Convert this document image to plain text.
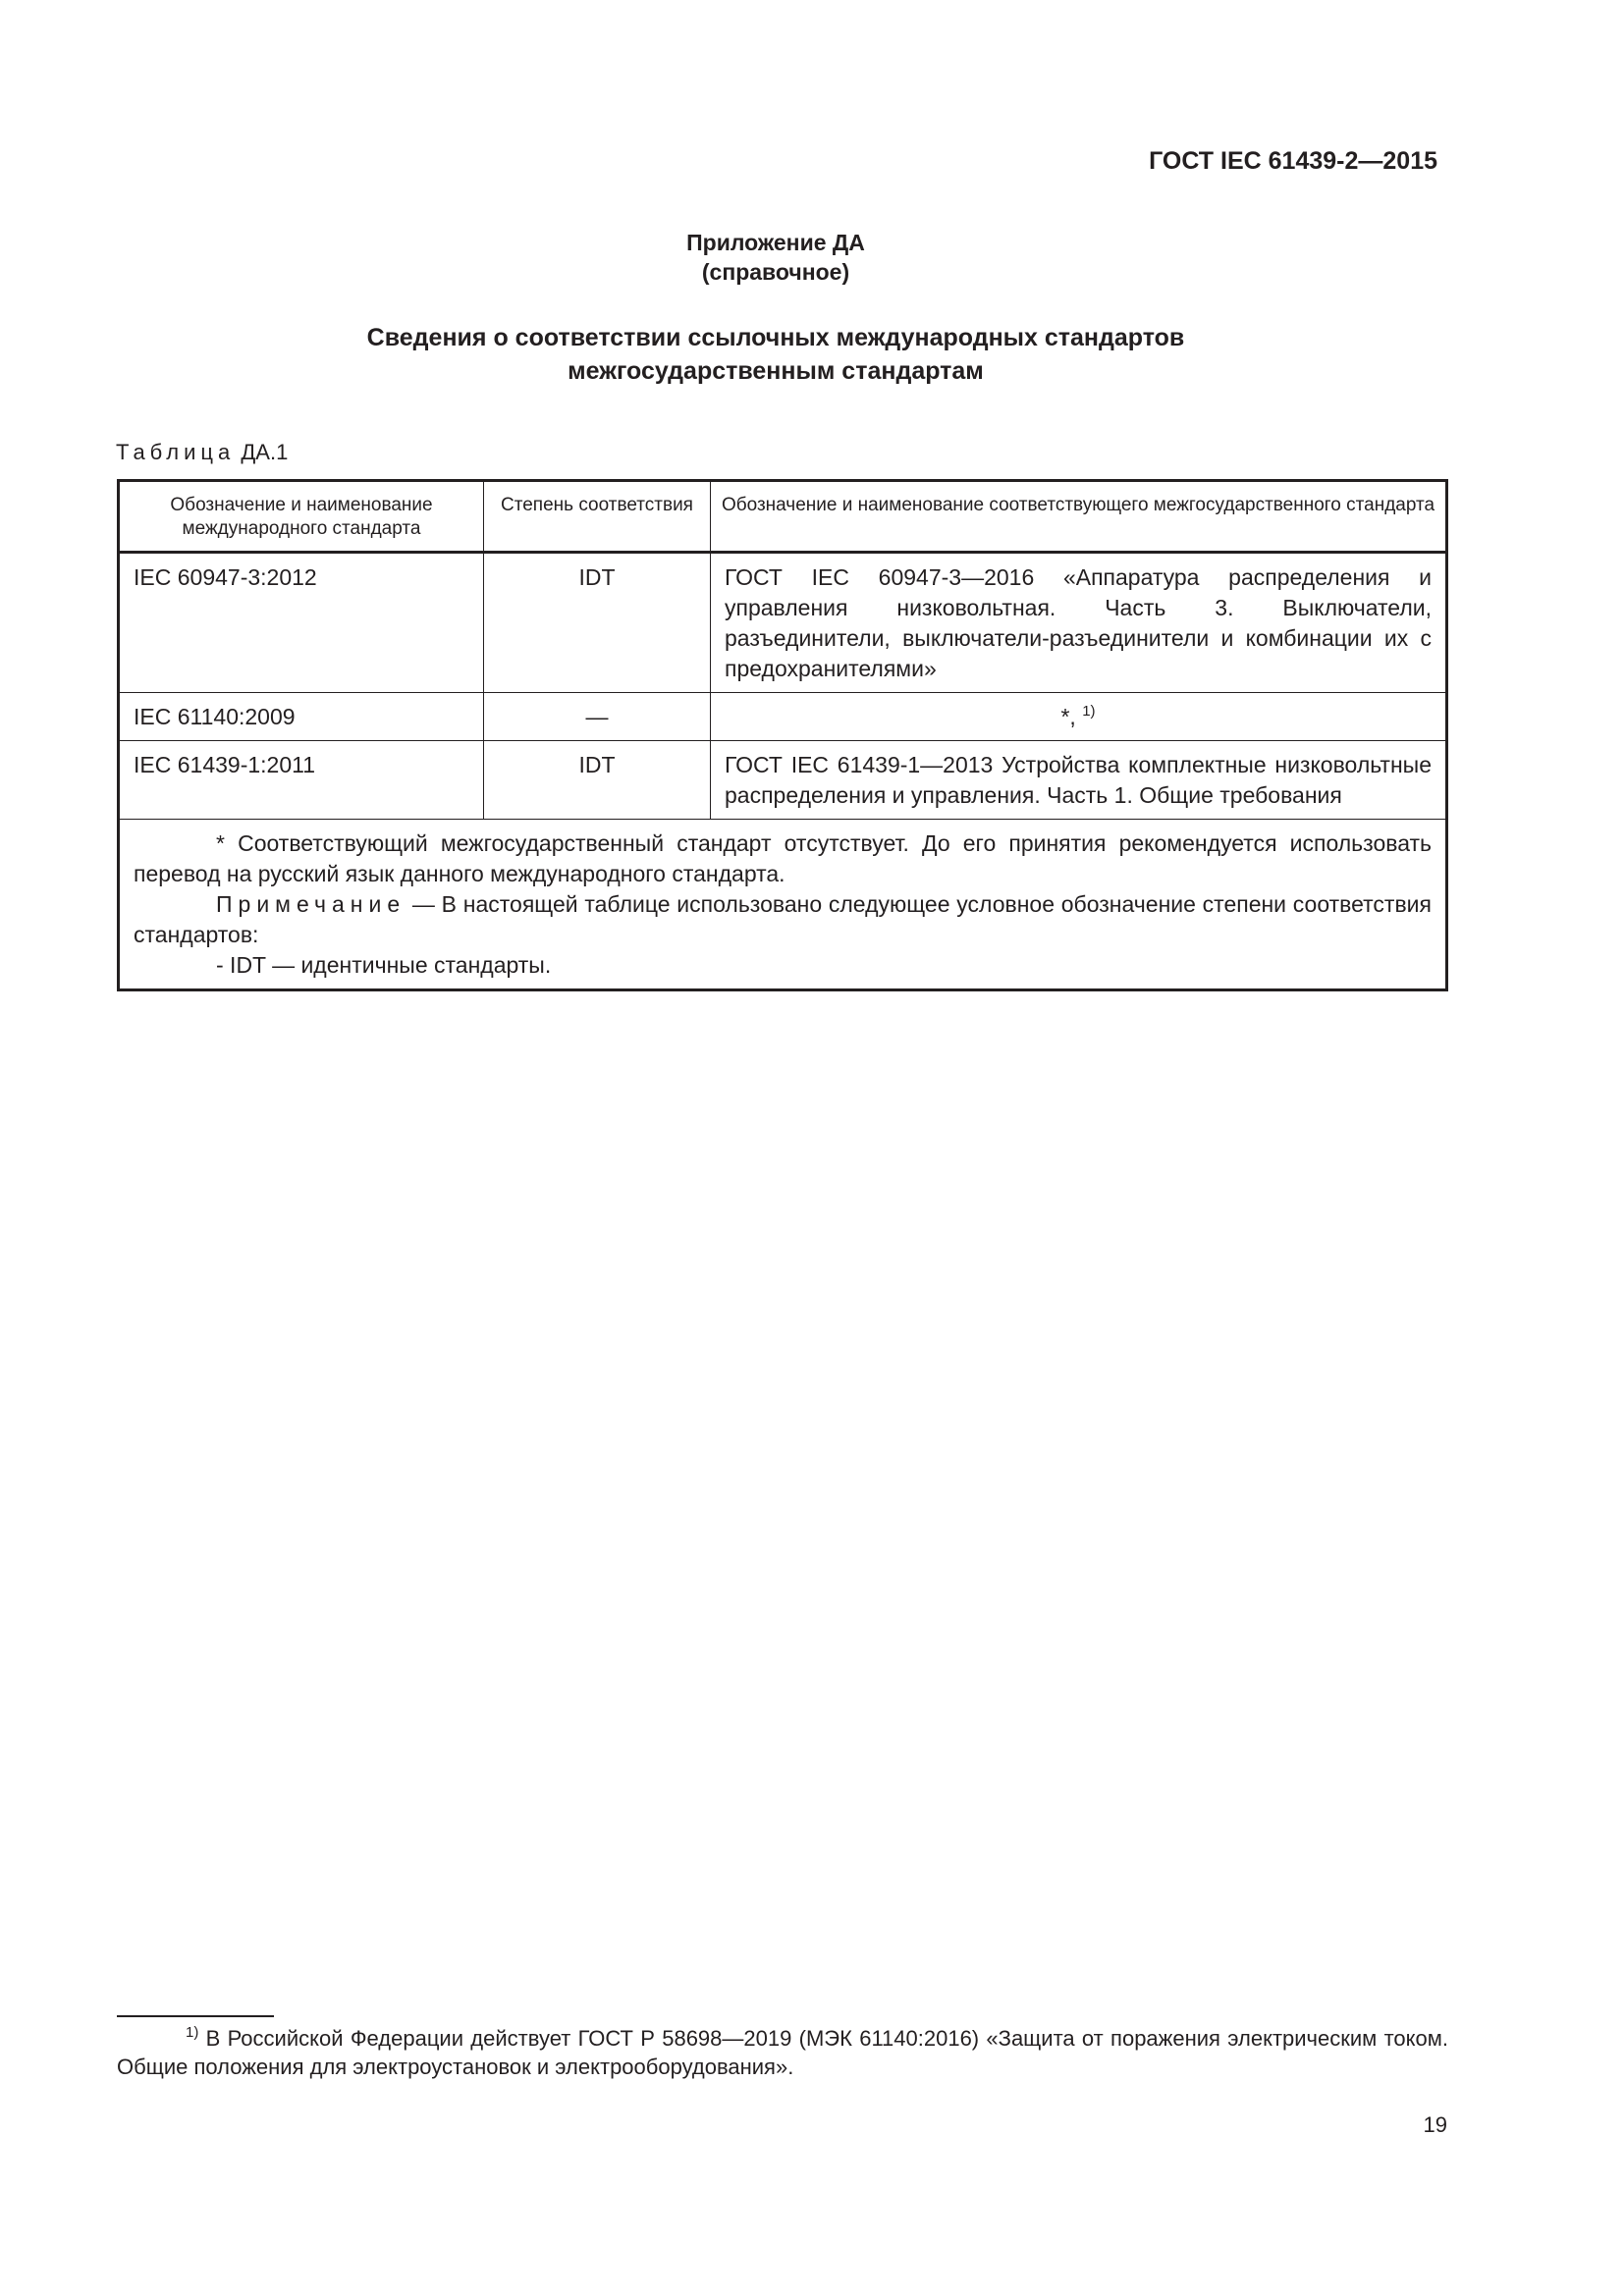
ГОСТ IEC 61439-2—2015
Приложение ДА
(справочное)
Сведения о соответствии ссылочных международных стандартов
межгосударственным стандартам
Таблица ДА.1
Обозначение и наименование международного стандарта	Степень соответствия	Обозначение и наименование соответствующего межгосударственного стандарта
IEC 60947-3:2012	IDT	ГОСТ IEC 60947-3—2016 «Аппаратура распределения и управления низковольтная. Часть 3. Выключатели, разъединители, выключатели-разъединители и комбинации их с предохранителями»
IEC 61140:2009	—	*, $^{1)}$
IEC 61439-1:2011	IDT	ГОСТ IEC 61439-1—2013 Устройства комплектные низковольтные распределения и управления. Часть 1. Общие требования

* Соответствующий межгосударственный стандарт отсутствует. До его принятия рекомендуется использовать перевод на русский язык данного международного стандарта.

Примечание — В настоящей таблице использовано следующее условное обозначение степени соответствия стандартов:

- IDT — идентичные стандарты.		

$^{1)}$ В Российской Федерации действует ГОСТ Р 58698—2019 (МЭК 61140:2016) «Защита от поражения электрическим током. Общие положения для электроустановок и электрооборудования».

19
